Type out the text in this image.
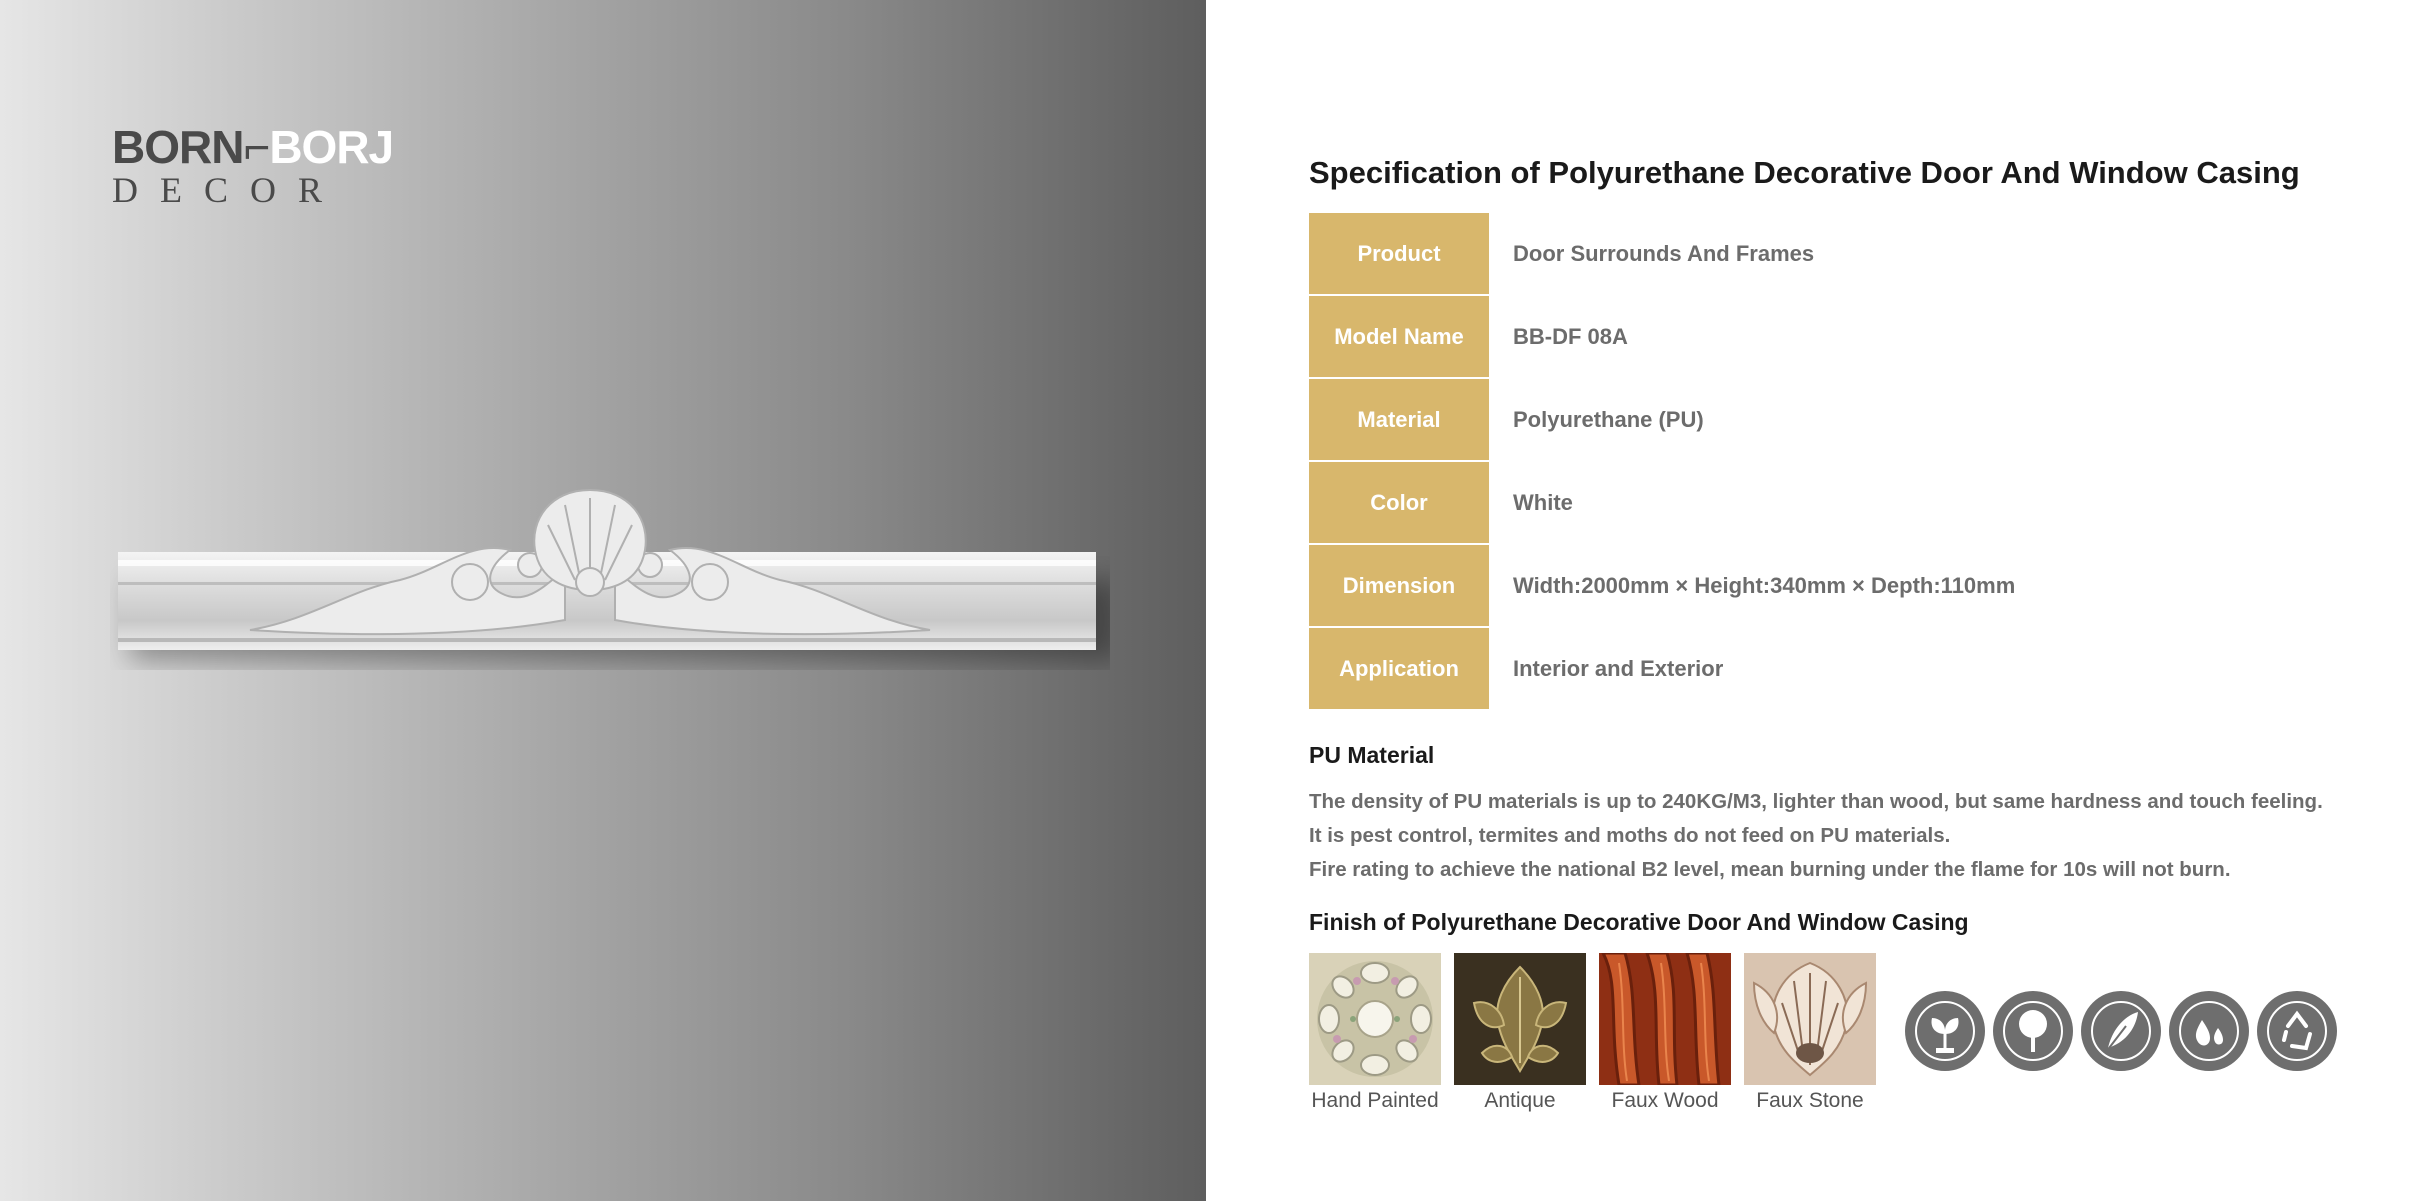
BORN⌐BORJ
DECOR	Specification of Polyurethane Decorative Door And Window Casing
Product	Door Surrounds And Frames
Model Name	BB-DF 08A
Material	Polyurethane (PU)
Color	White
Dimension	Width:2000mm × Height:340mm × Depth:110mm
Application	Interior and Exterior
PU Material
The density of PU materials is up to 240KG/M3, lighter than wood, but same hardness and touch feeling.
It is pest control, termites and moths do not feed on PU materials.
Fire rating to achieve the national B2 level, mean burning under the flame for 10s will not burn.
Finish of Polyurethane Decorative Door And Window Casing
Hand Painted Antique	Faux Wood Faux Stone
